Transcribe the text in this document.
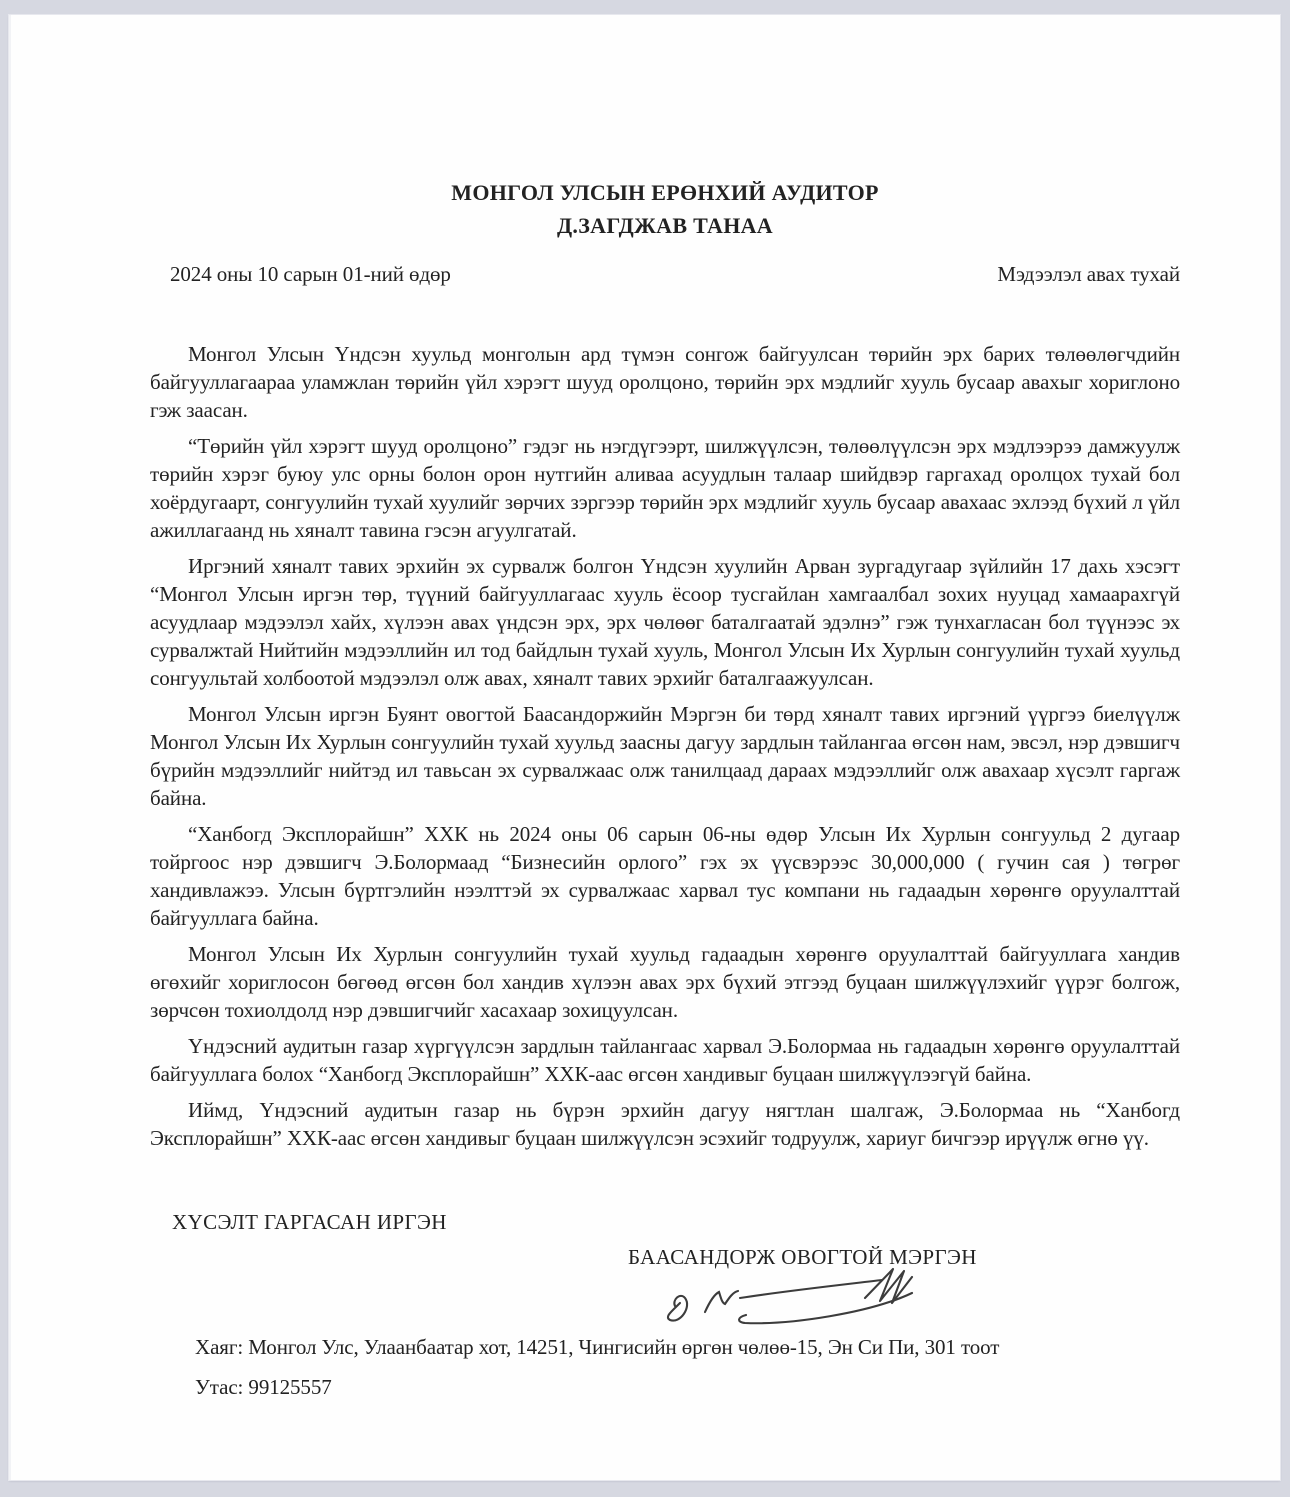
МОНГОЛ УЛСЫН ЕРӨНХИЙ АУДИТОР
Д.ЗАГДЖАВ ТАНАА
2024 оны 10 сарын 01-ний өдөр	Мэдээлэл авах тухай

Монгол Улсын Үндсэн хуульд монголын ард түмэн сонгож байгуулсан төрийн эрх барих төлөөлөгчдийн байгууллагаараа уламжлан төрийн үйл хэрэгт шууд оролцоно, төрийн эрх мэдлийг хууль бусаар авахыг хориглоно гэж заасан.

“Төрийн үйл хэрэгт шууд оролцоно” гэдэг нь нэгдүгээрт, шилжүүлсэн, төлөөлүүлсэн эрх мэдлээрээ дамжуулж төрийн хэрэг буюу улс орны болон орон нутгийн аливаа асуудлын талаар шийдвэр гаргахад оролцох тухай бол хоёрдугаарт, сонгуулийн тухай хуулийг зөрчих зэргээр төрийн эрх мэдлийг хууль бусаар авахаас эхлээд бүхий л үйл ажиллагаанд нь хяналт тавина гэсэн агуулгатай.

Иргэний хяналт тавих эрхийн эх сурвалж болгон Үндсэн хуулийн Арван зургадугаар зүйлийн 17 дахь хэсэгт “Монгол Улсын иргэн төр, түүний байгууллагаас хууль ёсоор тусгайлан хамгаалбал зохих нууцад хамаарахгүй асуудлаар мэдээлэл хайх, хүлээн авах үндсэн эрх, эрх чөлөөг баталгаатай эдэлнэ” гэж тунхагласан бол түүнээс эх сурвалжтай Нийтийн мэдээллийн ил тод байдлын тухай хууль, Монгол Улсын Их Хурлын сонгуулийн тухай хуульд сонгуультай холбоотой мэдээлэл олж авах, хяналт тавих эрхийг баталгаажуулсан.

Монгол Улсын иргэн Буянт овогтой Баасандоржийн Мэргэн би төрд хяналт тавих иргэний үүргээ биелүүлж Монгол Улсын Их Хурлын сонгуулийн тухай хуульд заасны дагуу зардлын тайлангаа өгсөн нам, эвсэл, нэр дэвшигч бүрийн мэдээллийг нийтэд ил тавьсан эх сурвалжаас олж танилцаад дараах мэдээллийг олж авахаар хүсэлт гаргаж байна.

“Ханбогд Эксплорайшн” ХХК нь 2024 оны 06 сарын 06-ны өдөр Улсын Их Хурлын сонгуульд 2 дугаар тойргоос нэр дэвшигч Э.Болормаад “Бизнесийн орлого” гэх эх үүсвэрээс 30,000,000 ( гучин сая ) төгрөг хандивлажээ. Улсын бүртгэлийн нээлттэй эх сурвалжаас харвал тус компани нь гадаадын хөрөнгө оруулалттай байгууллага байна.

Монгол Улсын Их Хурлын сонгуулийн тухай хуульд гадаадын хөрөнгө оруулалттай байгууллага хандив өгөхийг хориглосон бөгөөд өгсөн бол хандив хүлээн авах эрх бүхий этгээд буцаан шилжүүлэхийг үүрэг болгож, зөрчсөн тохиолдолд нэр дэвшигчийг хасахаар зохицуулсан.

Үндэсний аудитын газар хүргүүлсэн зардлын тайлангаас харвал Э.Болормаа нь гадаадын хөрөнгө оруулалттай байгууллага болох “Ханбогд Эксплорайшн” ХХК-аас өгсөн хандивыг буцаан шилжүүлээгүй байна.

Иймд, Үндэсний аудитын газар нь бүрэн эрхийн дагуу нягтлан шалгаж, Э.Болормаа нь “Ханбогд Эксплорайшн” ХХК-аас өгсөн хандивыг буцаан шилжүүлсэн эсэхийг тодруулж, хариуг бичгээр ирүүлж өгнө үү.

ХҮСЭЛТ ГАРГАСАН ИРГЭН
БААСАНДОРЖ ОВОГТОЙ МЭРГЭН
Хаяг: Монгол Улс, Улаанбаатар хот, 14251, Чингисийн өргөн чөлөө-15, Эн Си Пи, 301 тоот
Утас: 99125557
